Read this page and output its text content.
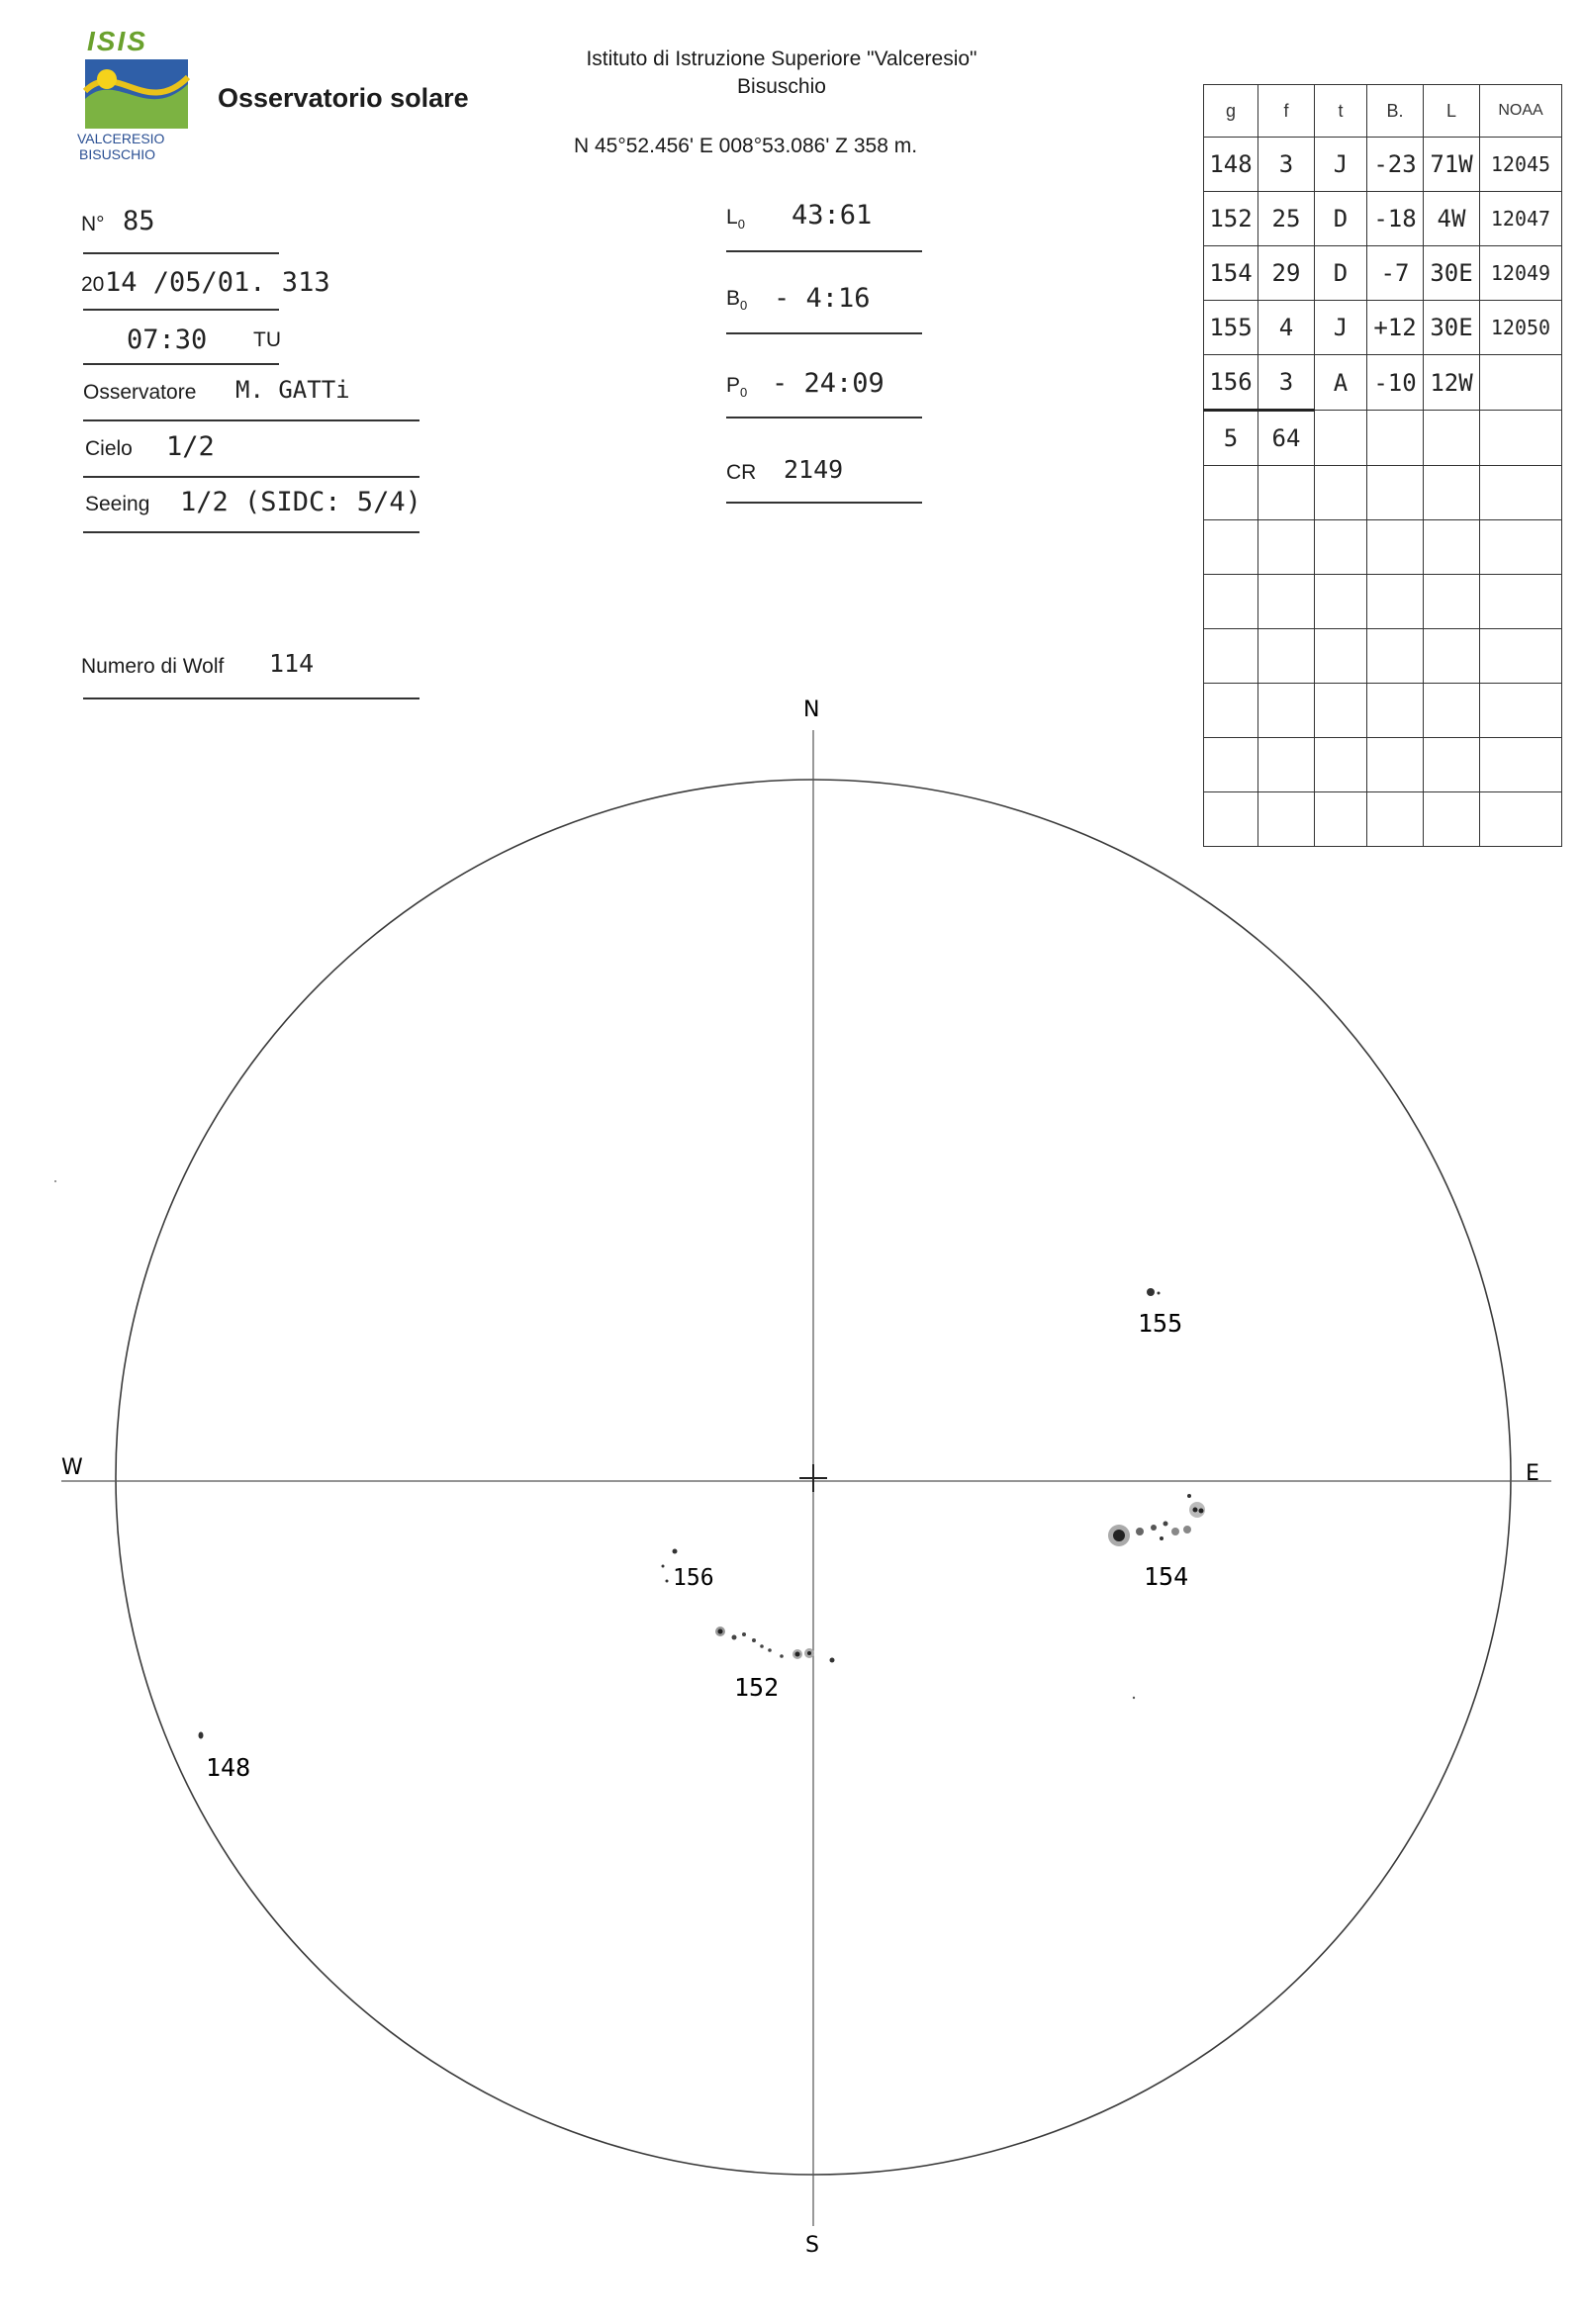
ISIS
VALCERESIO
BISUSCHIO
Osservatorio solare
Istituto di Istruzione Superiore "Valceresio"
Bisuschio
N 45°52.456' E 008°53.086' Z 358 m.
N° 85
20 14 /05/01. 313
07:30 TU
Osservatore M. GATTi
Cielo 1/2
Seeing 1/2 (SIDC: 5/4)
Numero di Wolf 114
$L_0$ 43:61
$B_0$ - 4:16
$P_0$ - 24:09
CR 2149
g	f	t	B.	L	NOAA
148	3	J	-23	71W	12045
152	25	D	-18	4W	12047
154	29	D	-7	30E	12049
155	4	J	+12	30E	12050
156	3	A	-10	12W	
5	64				

N
S
E
W
155
154
156
152
148
